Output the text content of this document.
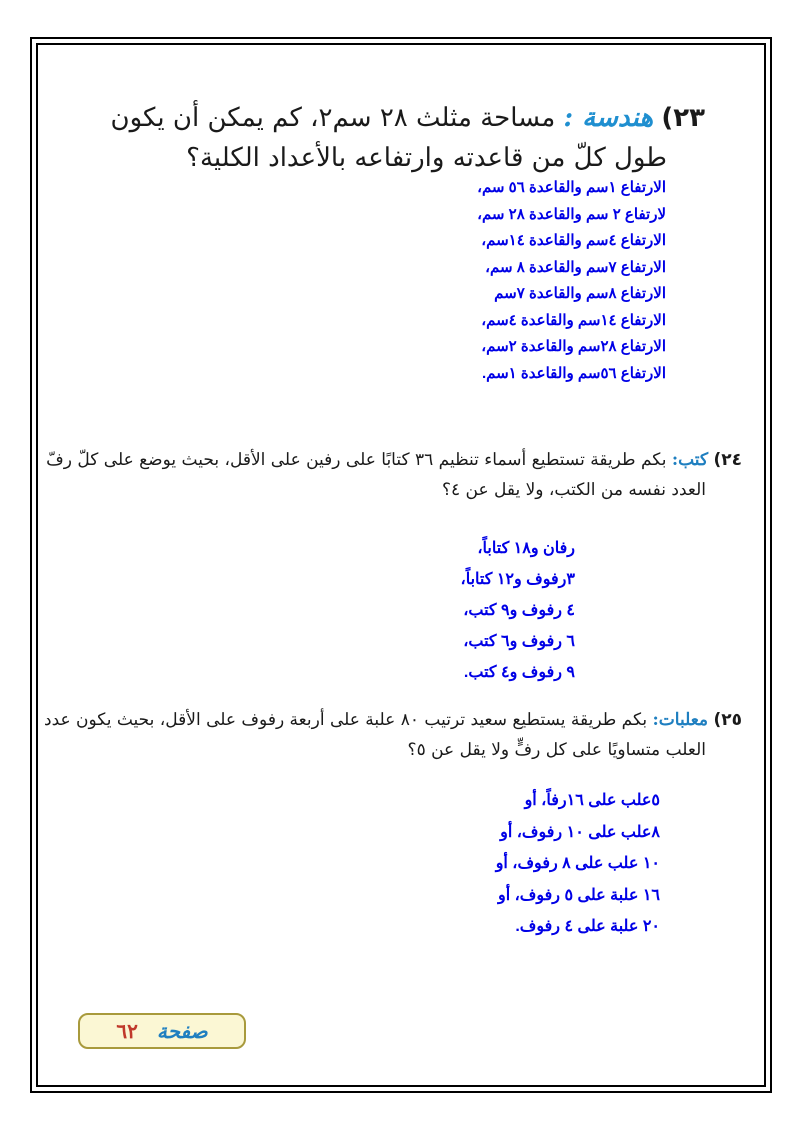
٢٣) هندسة : مساحة مثلث ٢٨ سم٢، كم يمكن أن يكون
طول كلّ من قاعدته وارتفاعه بالأعداد الكلية؟
الارتفاع ١سم والقاعدة ٥٦ سم،
لارتفاع ٢ سم والقاعدة ٢٨ سم،
الارتفاع ٤سم والقاعدة ١٤سم،
الارتفاع ٧سم والقاعدة ٨ سم،
الارتفاع ٨سم والقاعدة ٧سم
الارتفاع ١٤سم والقاعدة ٤سم،
الارتفاع ٢٨سم والقاعدة ٢سم،
الارتفاع ٥٦سم والقاعدة ١سم.
٢٤) كتب: بكم طريقة تستطيع أسماء تنظيم ٣٦ كتابًا على رفين على الأقل، بحيث يوضع على كلّ رفّ
العدد نفسه من الكتب، ولا يقل عن ٤؟
رفان و١٨ كتاباً،
٣رفوف و١٢ كتاباً،
٤ رفوف و٩ كتب،
٦ رفوف و٦ كتب،
٩ رفوف و٤ كتب.
٢٥) معلبات: بكم طريقة يستطيع سعيد ترتيب ٨٠ علبة على أربعة رفوف على الأقل، بحيث يكون عدد
العلب متساويًا على كل رفٍّ ولا يقل عن ٥؟
٥علب على ١٦رفاً، أو
٨علب على ١٠ رفوف، أو
١٠ علب على ٨ رفوف، أو
١٦ علبة على ٥ رفوف، أو
٢٠ علبة على ٤ رفوف.
صفحة ٦٢
